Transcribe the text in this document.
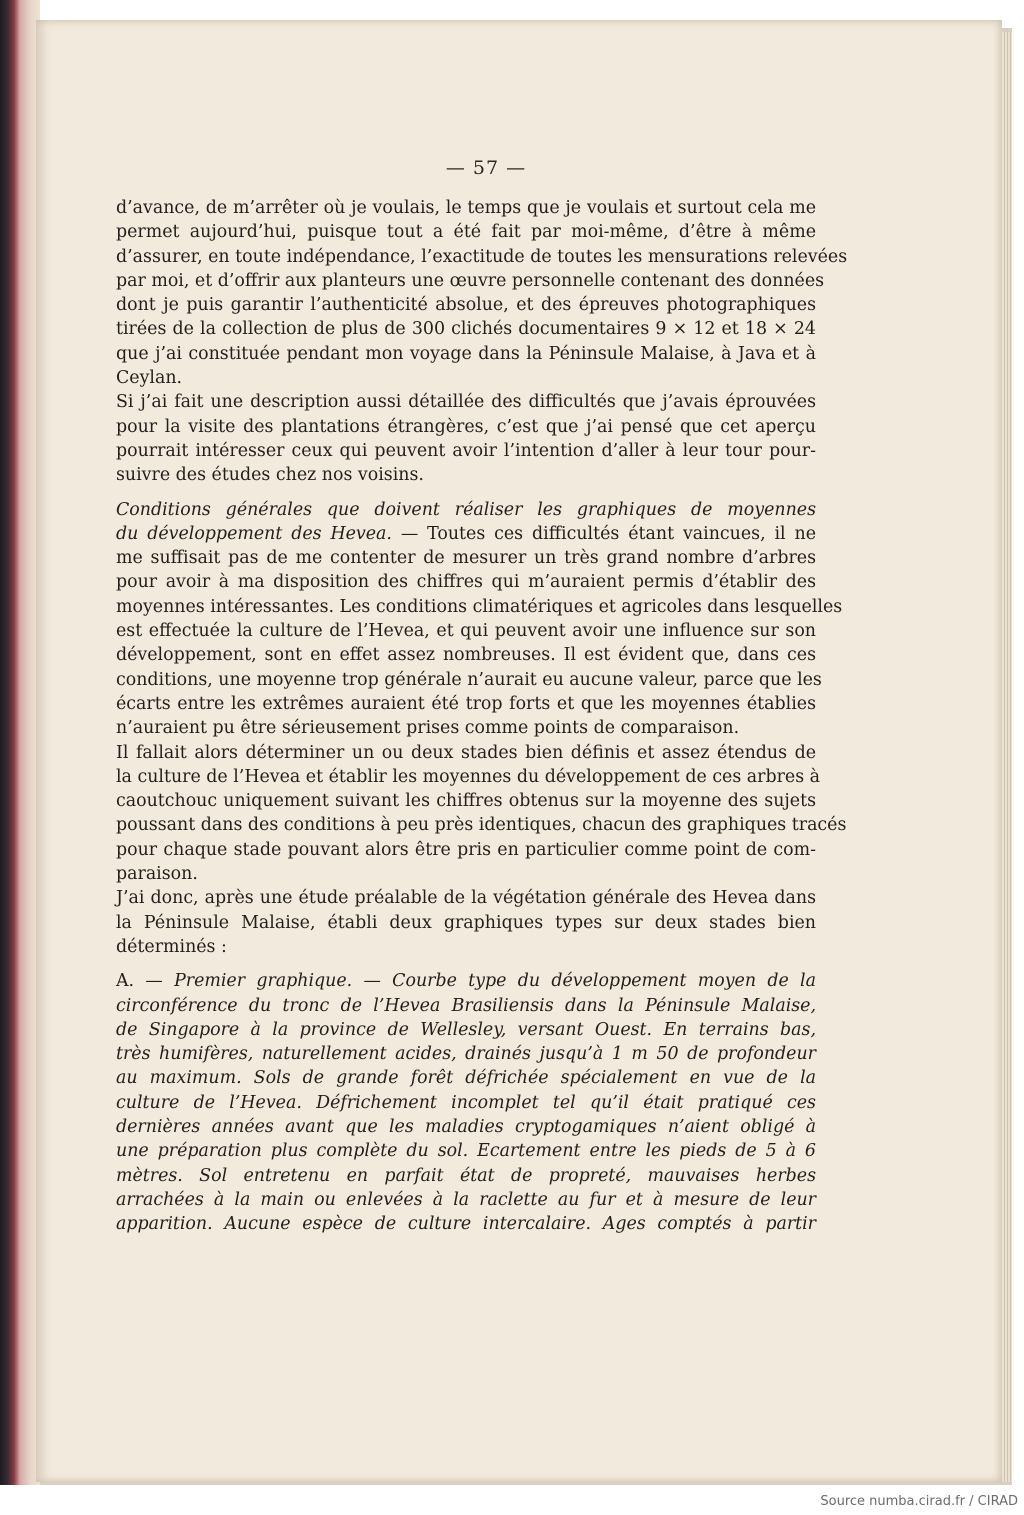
— 57 —
d’avance, de m’arrêter où je voulais, le temps que je voulais et surtout cela me
permet aujourd’hui, puisque tout a été fait par moi-même, d’être à même
d’assurer, en toute indépendance, l’exactitude de toutes les mensurations relevées
par moi, et d’offrir aux planteurs une œuvre personnelle contenant des données
dont je puis garantir l’authenticité absolue, et des épreuves photographiques
tirées de la collection de plus de 300 clichés documentaires 9 × 12 et 18 × 24
que j’ai constituée pendant mon voyage dans la Péninsule Malaise, à Java et à
Ceylan.
Si j’ai fait une description aussi détaillée des difficultés que j’avais éprouvées
pour la visite des plantations étrangères, c’est que j’ai pensé que cet aperçu
pourrait intéresser ceux qui peuvent avoir l’intention d’aller à leur tour pour-
suivre des études chez nos voisins.
Conditions générales que doivent réaliser les graphiques de moyennes
du développement des Hevea. — Toutes ces difficultés étant vaincues, il ne
me suffisait pas de me contenter de mesurer un très grand nombre d’arbres
pour avoir à ma disposition des chiffres qui m’auraient permis d’établir des
moyennes intéressantes. Les conditions climatériques et agricoles dans lesquelles
est effectuée la culture de l’Hevea, et qui peuvent avoir une influence sur son
développement, sont en effet assez nombreuses. Il est évident que, dans ces
conditions, une moyenne trop générale n’aurait eu aucune valeur, parce que les
écarts entre les extrêmes auraient été trop forts et que les moyennes établies
n’auraient pu être sérieusement prises comme points de comparaison.
Il fallait alors déterminer un ou deux stades bien définis et assez étendus de
la culture de l’Hevea et établir les moyennes du développement de ces arbres à
caoutchouc uniquement suivant les chiffres obtenus sur la moyenne des sujets
poussant dans des conditions à peu près identiques, chacun des graphiques tracés
pour chaque stade pouvant alors être pris en particulier comme point de com-
paraison.
J’ai donc, après une étude préalable de la végétation générale des Hevea dans
la Péninsule Malaise, établi deux graphiques types sur deux stades bien
déterminés :
A. — Premier graphique. — Courbe type du développement moyen de la
circonférence du tronc de l’Hevea Brasiliensis dans la Péninsule Malaise,
de Singapore à la province de Wellesley, versant Ouest. En terrains bas,
très humifères, naturellement acides, drainés jusqu’à 1 m 50 de profondeur
au maximum. Sols de grande forêt défrichée spécialement en vue de la
culture de l’Hevea. Défrichement incomplet tel qu’il était pratiqué ces
dernières années avant que les maladies cryptogamiques n’aient obligé à
une préparation plus complète du sol. Ecartement entre les pieds de 5 à 6
mètres. Sol entretenu en parfait état de propreté, mauvaises herbes
arrachées à la main ou enlevées à la raclette au fur et à mesure de leur
apparition. Aucune espèce de culture intercalaire. Ages comptés à partir
Source numba.cirad.fr / CIRAD
